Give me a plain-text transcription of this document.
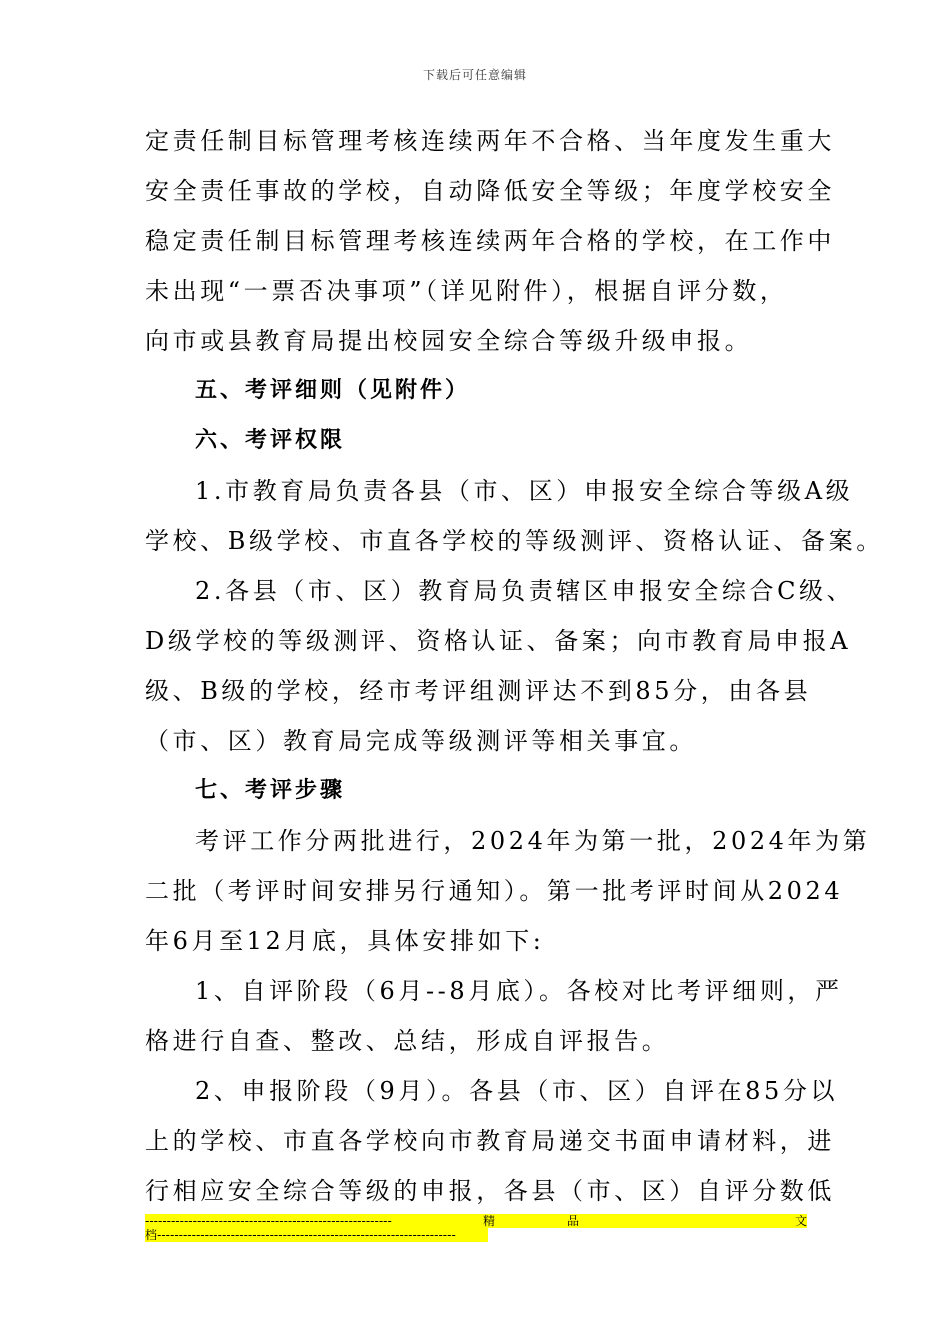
下载后可任意编辑
定责任制目标管理考核连续两年不合格、当年度发生重大
安全责任事故的学校，自动降低安全等级；年度学校安全
稳定责任制目标管理考核连续两年合格的学校，在工作中
未出现“一票否决事项”（详见附件），根据自评分数，
向市或县教育局提出校园安全综合等级升级申报。
五、考评细则（见附件）
六、考评权限
1.市教育局负责各县（市、区）申报安全综合等级A级
学校、B级学校、市直各学校的等级测评、资格认证、备案。
2.各县（市、区）教育局负责辖区申报安全综合C级、
D级学校的等级测评、资格认证、备案；向市教育局申报A
级、B级的学校，经市考评组测评达不到85分，由各县
（市、区）教育局完成等级测评等相关事宜。
七、考评步骤
考评工作分两批进行，2024年为第一批，2024年为第
二批（考评时间安排另行通知）。第一批考评时间从2024
年6月至12月底，具体安排如下:
1、自评阶段（6月--8月底）。各校对比考评细则，严
格进行自查、整改、总结，形成自评报告。
2、申报阶段（9月）。各县（市、区）自评在85分以
上的学校、市直各学校向市教育局递交书面申请材料，进
行相应安全综合等级的申报，各县（市、区）自评分数低
---------------------------------------------------------	精	品	文
档---------------------------------------------------------------------
